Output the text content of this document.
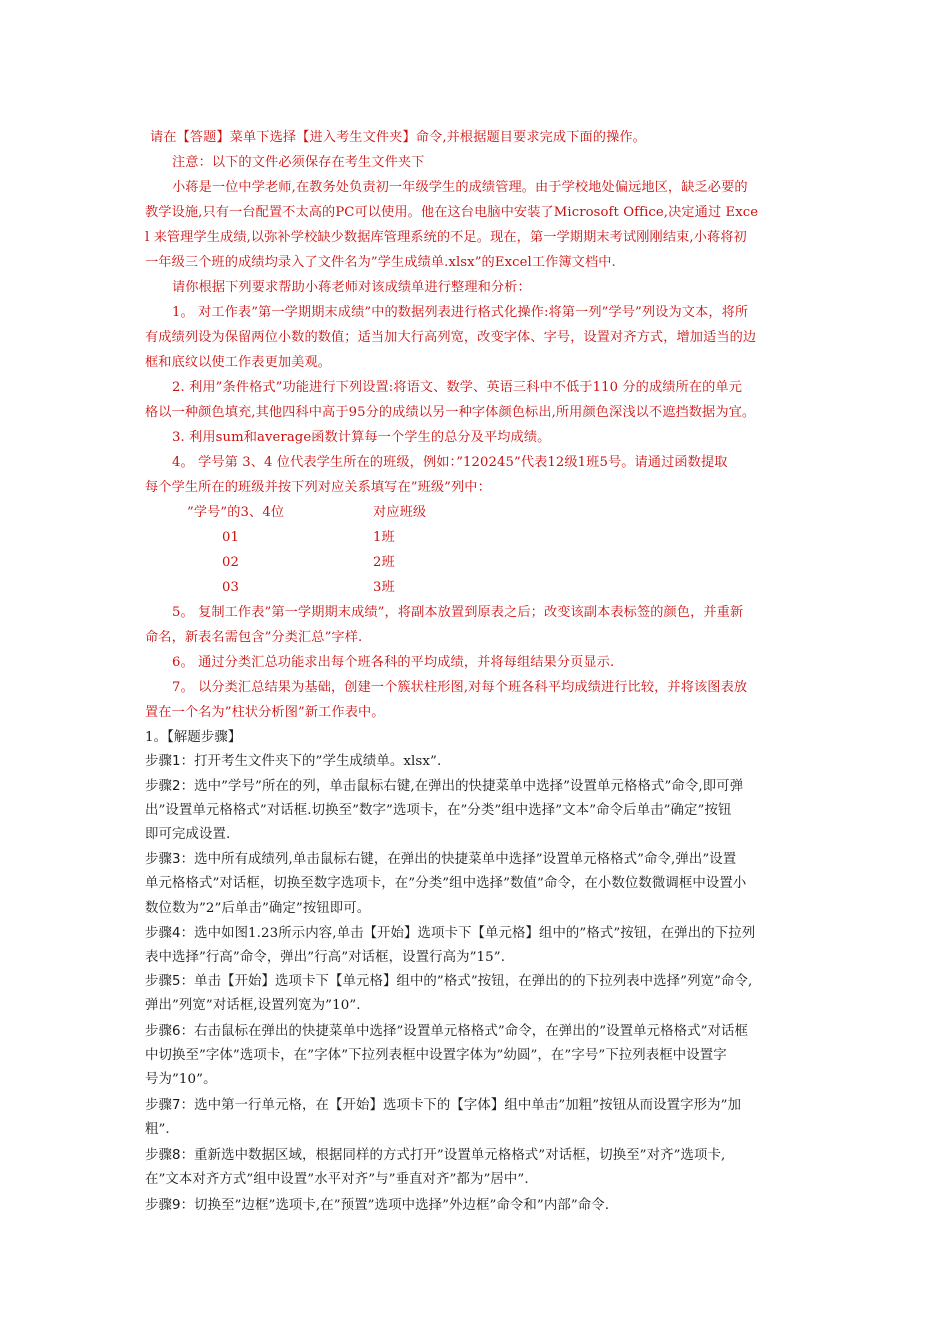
请在【答题】菜单下选择【进入考生文件夹】命令,并根据题目要求完成下面的操作。
注意：以下的文件必须保存在考生文件夹下
小蒋是一位中学老师,在教务处负责初一年级学生的成绩管理。由于学校地处偏远地区，缺乏必要的
教学设施,只有一台配置不太高的PC可以使用。他在这台电脑中安装了Microsoft Office,决定通过 Exce
l 来管理学生成绩,以弥补学校缺少数据库管理系统的不足。现在，第一学期期末考试刚刚结束,小蒋将初
一年级三个班的成绩均录入了文件名为”学生成绩单.xlsx”的Excel工作簿文档中.
请你根据下列要求帮助小蒋老师对该成绩单进行整理和分析：
1。 对工作表”第一学期期末成绩”中的数据列表进行格式化操作:将第一列”学号”列设为文本，将所
有成绩列设为保留两位小数的数值；适当加大行高列宽，改变字体、字号，设置对齐方式，增加适当的边
框和底纹以使工作表更加美观。
2. 利用”条件格式”功能进行下列设置:将语文、数学、英语三科中不低于110 分的成绩所在的单元
格以一种颜色填充,其他四科中高于95分的成绩以另一种字体颜色标出,所用颜色深浅以不遮挡数据为宜。
3. 利用sum和average函数计算每一个学生的总分及平均成绩。
4。 学号第 3、4 位代表学生所在的班级，例如：”120245”代表12级1班5号。请通过函数提取
每个学生所在的班级并按下列对应关系填写在”班级”列中：
”学号”的3、4位	对应班级
01	1班
02	2班
03	3班
5。 复制工作表”第一学期期末成绩”，将副本放置到原表之后；改变该副本表标签的颜色，并重新
命名，新表名需包含”分类汇总”字样.
6。 通过分类汇总功能求出每个班各科的平均成绩，并将每组结果分页显示.
7。 以分类汇总结果为基础，创建一个簇状柱形图,对每个班各科平均成绩进行比较，并将该图表放
置在一个名为”柱状分析图”新工作表中。
1。【解题步骤】
步骤1：打开考生文件夹下的”学生成绩单。xlsx”.
步骤2：选中”学号”所在的列，单击鼠标右键,在弹出的快捷菜单中选择”设置单元格格式”命令,即可弹
出”设置单元格格式”对话框.切换至”数字”选项卡，在”分类”组中选择”文本”命令后单击”确定”按钮
即可完成设置.
步骤3：选中所有成绩列,单击鼠标右键，在弹出的快捷菜单中选择”设置单元格格式”命令,弹出”设置
单元格格式”对话框，切换至数字选项卡，在”分类”组中选择”数值”命令，在小数位数微调框中设置小
数位数为”2”后单击”确定”按钮即可。
步骤4：选中如图1.23所示内容,单击【开始】选项卡下【单元格】组中的”格式”按钮，在弹出的下拉列
表中选择”行高”命令，弹出”行高”对话框，设置行高为”15”.
步骤5：单击【开始】选项卡下【单元格】组中的”格式”按钮，在弹出的的下拉列表中选择”列宽”命令,
弹出”列宽”对话框,设置列宽为”10”.
步骤6：右击鼠标在弹出的快捷菜单中选择”设置单元格格式”命令，在弹出的”设置单元格格式”对话框
中切换至”字体”选项卡，在”字体”下拉列表框中设置字体为”幼圆”，在”字号”下拉列表框中设置字
号为”10”。
步骤7：选中第一行单元格，在【开始】选项卡下的【字体】组中单击”加粗”按钮从而设置字形为”加
粗”.
步骤8：重新选中数据区域，根据同样的方式打开”设置单元格格式”对话框，切换至”对齐”选项卡,
在”文本对齐方式”组中设置”水平对齐”与”垂直对齐”都为”居中”.
步骤9：切换至”边框”选项卡,在”预置”选项中选择”外边框”命令和”内部”命令.
